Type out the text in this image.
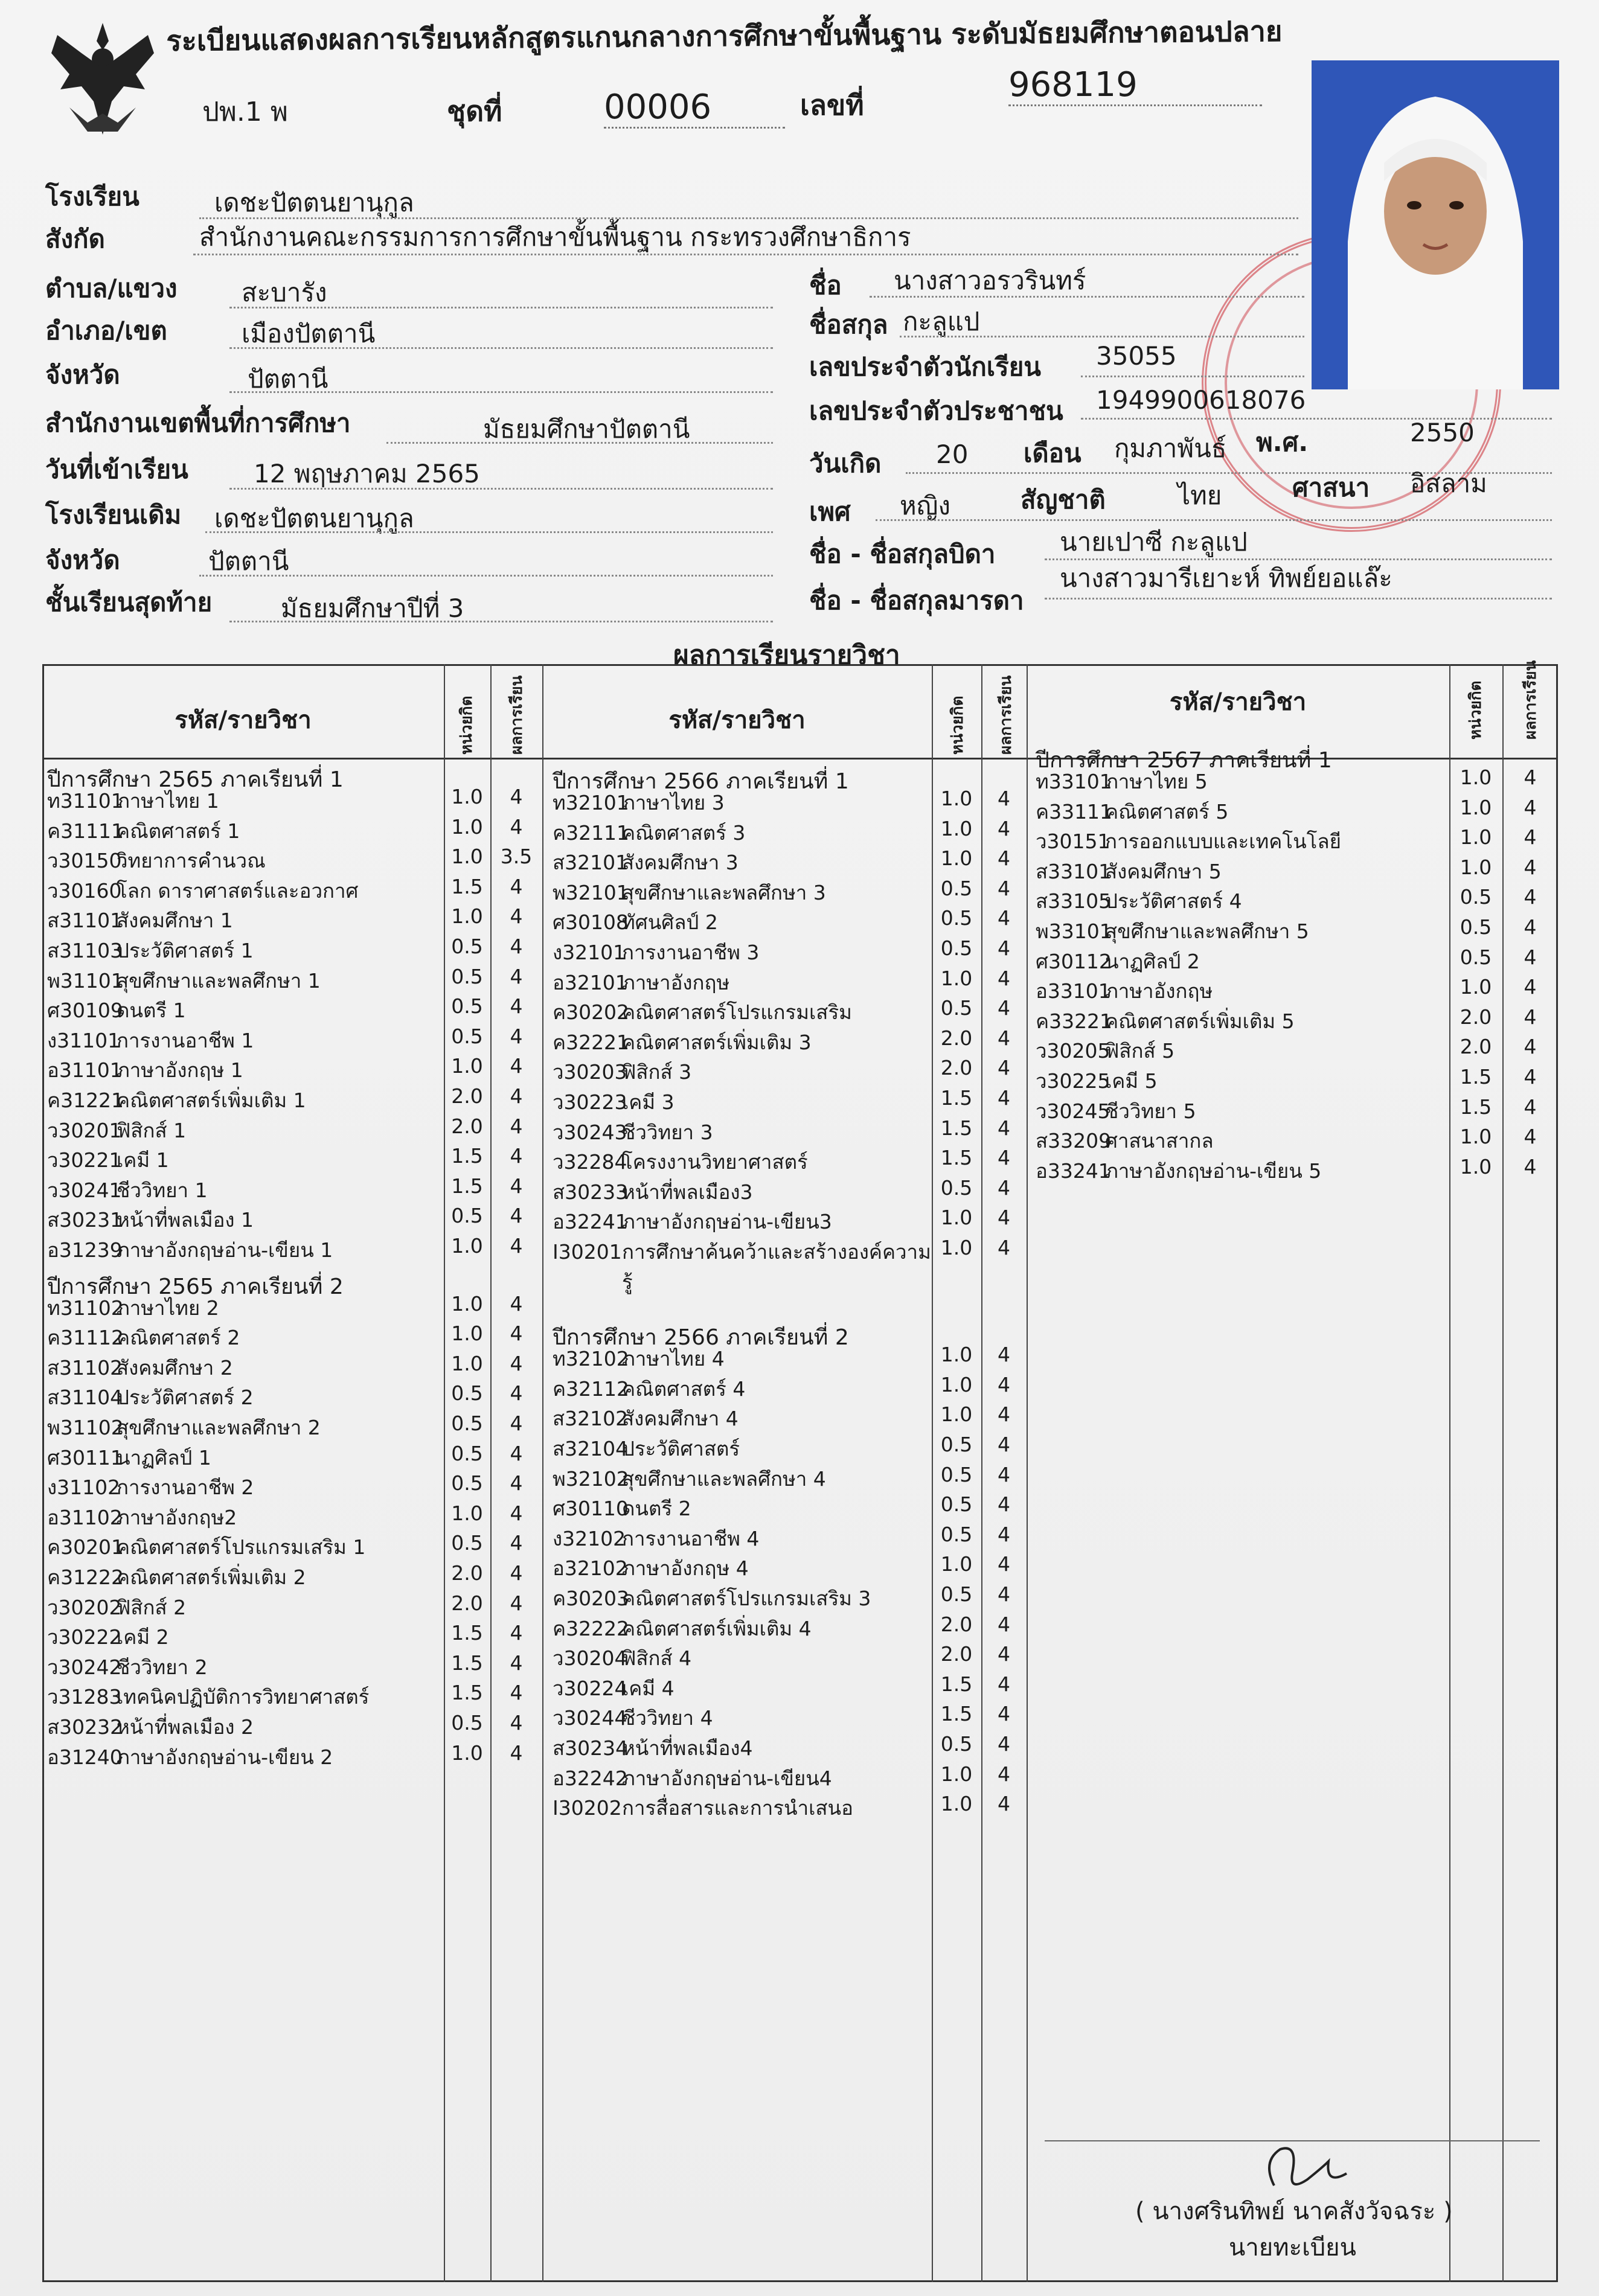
ระเบียนแสดงผลการเรียนหลักสูตรแกนกลางการศึกษาขั้นพื้นฐาน ระดับมัธยมศึกษาตอนปลาย
ปพ.1 พ	ชุดที่	00006	เลขที่
968119
โรงเรียน	เดชะปัตตนยานุกูล
สังกัด	สำนักงานคณะกรรมการการศึกษาขั้นพื้นฐาน กระทรวงศึกษาธิการ
ตำบล/แขวง	สะบารัง
อำเภอ/เขต	เมืองปัตตานี
จังหวัด	ปัตตานี
สำนักงานเขตพื้นที่การศึกษา	มัธยมศึกษาปัตตานี
วันที่เข้าเรียน	12 พฤษภาคม 2565
โรงเรียนเดิม เดชะปัตตนยานุกูล
จังหวัด	ปัตตานี
ชั้นเรียนสุดท้าย	มัธยมศึกษาปีที่ 3
ชื่อ นางสาวอรวรินทร์
ชื่อสกุล กะลูแป
เลขประจำตัวนักเรียน 35055
เลขประจำตัวประชาชน 1949900618076
วันเกิด 20 เดือน กุมภาพันธ์ พ.ศ.	2550
เพศ หญิง	สัญชาติ	ไทย	ศาสนา อิสลาม
ชื่อ - ชื่อสกุลบิดา	นายเปาซี กะลูแป
ชื่อ - ชื่อสกุลมารดา
นางสาวมารีเยาะห์ ทิพย์ยอแล๊ะ
ผลการเรียนรายวิชา
รหัส/รายวิชา	หน่วยกิต ผลการเรียน	รหัส/รายวิชา	หน่วยกิต ผลการเรียน	รหัส/รายวิชา	หน่วยกิต ผลการเรียน
ปีการศึกษา 2565 ภาคเรียนที่ 1
ท31101ภาษาไทย 1	1.0	4
ค31111คณิตศาสตร์ 1	1.0	4
ว30150วิทยาการคำนวณ	1.0 3.5
ว30160โลก ดาราศาสตร์และอวกาศ	1.5	4
ส31101สังคมศึกษา 1	1.0	4
ส31103ประวัติศาสตร์ 1	0.5	4
พ31101สุขศึกษาและพลศึกษา 1	0.5	4
ศ30109ดนตรี 1	0.5	4
ง31101การงานอาชีพ 1	0.5	4
อ31101ภาษาอังกฤษ 1	1.0	4
ค31221คณิตศาสตร์เพิ่มเติม 1	2.0	4
ว30201ฟิสิกส์ 1	2.0	4
ว30221เคมี 1	1.5	4
ว30241ชีววิทยา 1	1.5	4
ส30231หน้าที่พลเมือง 1	0.5	4
อ31239ภาษาอังกฤษอ่าน-เขียน 1	1.0	4
ปีการศึกษา 2565 ภาคเรียนที่ 2
ท31102ภาษาไทย 2	1.0	4
ค31112คณิตศาสตร์ 2	1.0	4
ส31102สังคมศึกษา 2	1.0	4
ส31104ประวัติศาสตร์ 2	0.5	4
พ31102สุขศึกษาและพลศึกษา 2	0.5	4
ศ30111นาฏศิลป์ 1	0.5	4
ง31102การงานอาชีพ 2	0.5	4
อ31102ภาษาอังกฤษ2	1.0	4
ค30201คณิตศาสตร์โปรแกรมเสริม 1	0.5	4
ค31222คณิตศาสตร์เพิ่มเติม 2	2.0	4
ว30202ฟิสิกส์ 2	2.0	4
ว30222เคมี 2	1.5	4
ว30242ชีววิทยา 2	1.5	4
ว31283เทคนิคปฏิบัติการวิทยาศาสตร์	1.5	4
ส30232หน้าที่พลเมือง 2	0.5	4
อ31240ภาษาอังกฤษอ่าน-เขียน 2	1.0	4
ปีการศึกษา 2566 ภาคเรียนที่ 1
ท32101ภาษาไทย 3	1.0	4
ค32111คณิตศาสตร์ 3	1.0	4
ส32101สังคมศึกษา 3	1.0	4
พ32101สุขศึกษาและพลศึกษา 3	0.5	4
ศ30108ทัศนศิลป์ 2	0.5	4
ง32101การงานอาชีพ 3	0.5	4
อ32101ภาษาอังกฤษ	1.0	4
ค30202คณิตศาสตร์โปรแกรมเสริม	0.5	4
ค32221คณิตศาสตร์เพิ่มเติม 3	2.0	4
ว30203ฟิสิกส์ 3	2.0	4
ว30223เคมี 3	1.5	4
ว30243ชีววิทยา 3	1.5	4
ว32284โครงงานวิทยาศาสตร์	1.5	4
ส30233หน้าที่พลเมือง3	0.5	4
อ32241ภาษาอังกฤษอ่าน-เขียน3	1.0	4
I30201การศึกษาค้นคว้าและสร้างองค์ความ 1.0	4
รู้
ปีการศึกษา 2566 ภาคเรียนที่ 2
ท32102ภาษาไทย 4	1.0	4
ค32112คณิตศาสตร์ 4	1.0	4
ส32102สังคมศึกษา 4	1.0	4
ส32104ประวัติศาสตร์	0.5	4
พ32102สุขศึกษาและพลศึกษา 4	0.5	4
ศ30110ดนตรี 2	0.5	4
ง32102การงานอาชีพ 4	0.5	4
อ32102ภาษาอังกฤษ 4	1.0	4
ค30203คณิตศาสตร์โปรแกรมเสริม 3	0.5	4
ค32222คณิตศาสตร์เพิ่มเติม 4	2.0	4
ว30204ฟิสิกส์ 4	2.0	4
ว30224เคมี 4	1.5	4
ว30244ชีววิทยา 4	1.5	4
ส30234หน้าที่พลเมือง4	0.5	4
อ32242ภาษาอังกฤษอ่าน-เขียน4	1.0	4
I30202การสื่อสารและการนำเสนอ	1.0	4
ปีการศึกษา 2567 ภาคเรียนที่ 1
ท33101ภาษาไทย 5	1.0	4
ค33111คณิตศาสตร์ 5	1.0	4
ว30151การออกแบบและเทคโนโลยี	1.0	4
ส33101สังคมศึกษา 5	1.0	4
ส33105ประวัติศาสตร์ 4	0.5	4
พ33101สุขศึกษาและพลศึกษา 5	0.5	4
ศ30112นาฏศิลป์ 2	0.5	4
อ33101ภาษาอังกฤษ	1.0	4
ค33221คณิตศาสตร์เพิ่มเติม 5	2.0	4
ว30205ฟิสิกส์ 5	2.0	4
ว30225เคมี 5	1.5	4
ว30245ชีววิทยา 5	1.5	4
ส33209ศาสนาสากล	1.0	4
อ33241ภาษาอังกฤษอ่าน-เขียน 5	1.0	4
( นางศรินทิพย์ นาคสังวัจฉระ )
นายทะเบียน
